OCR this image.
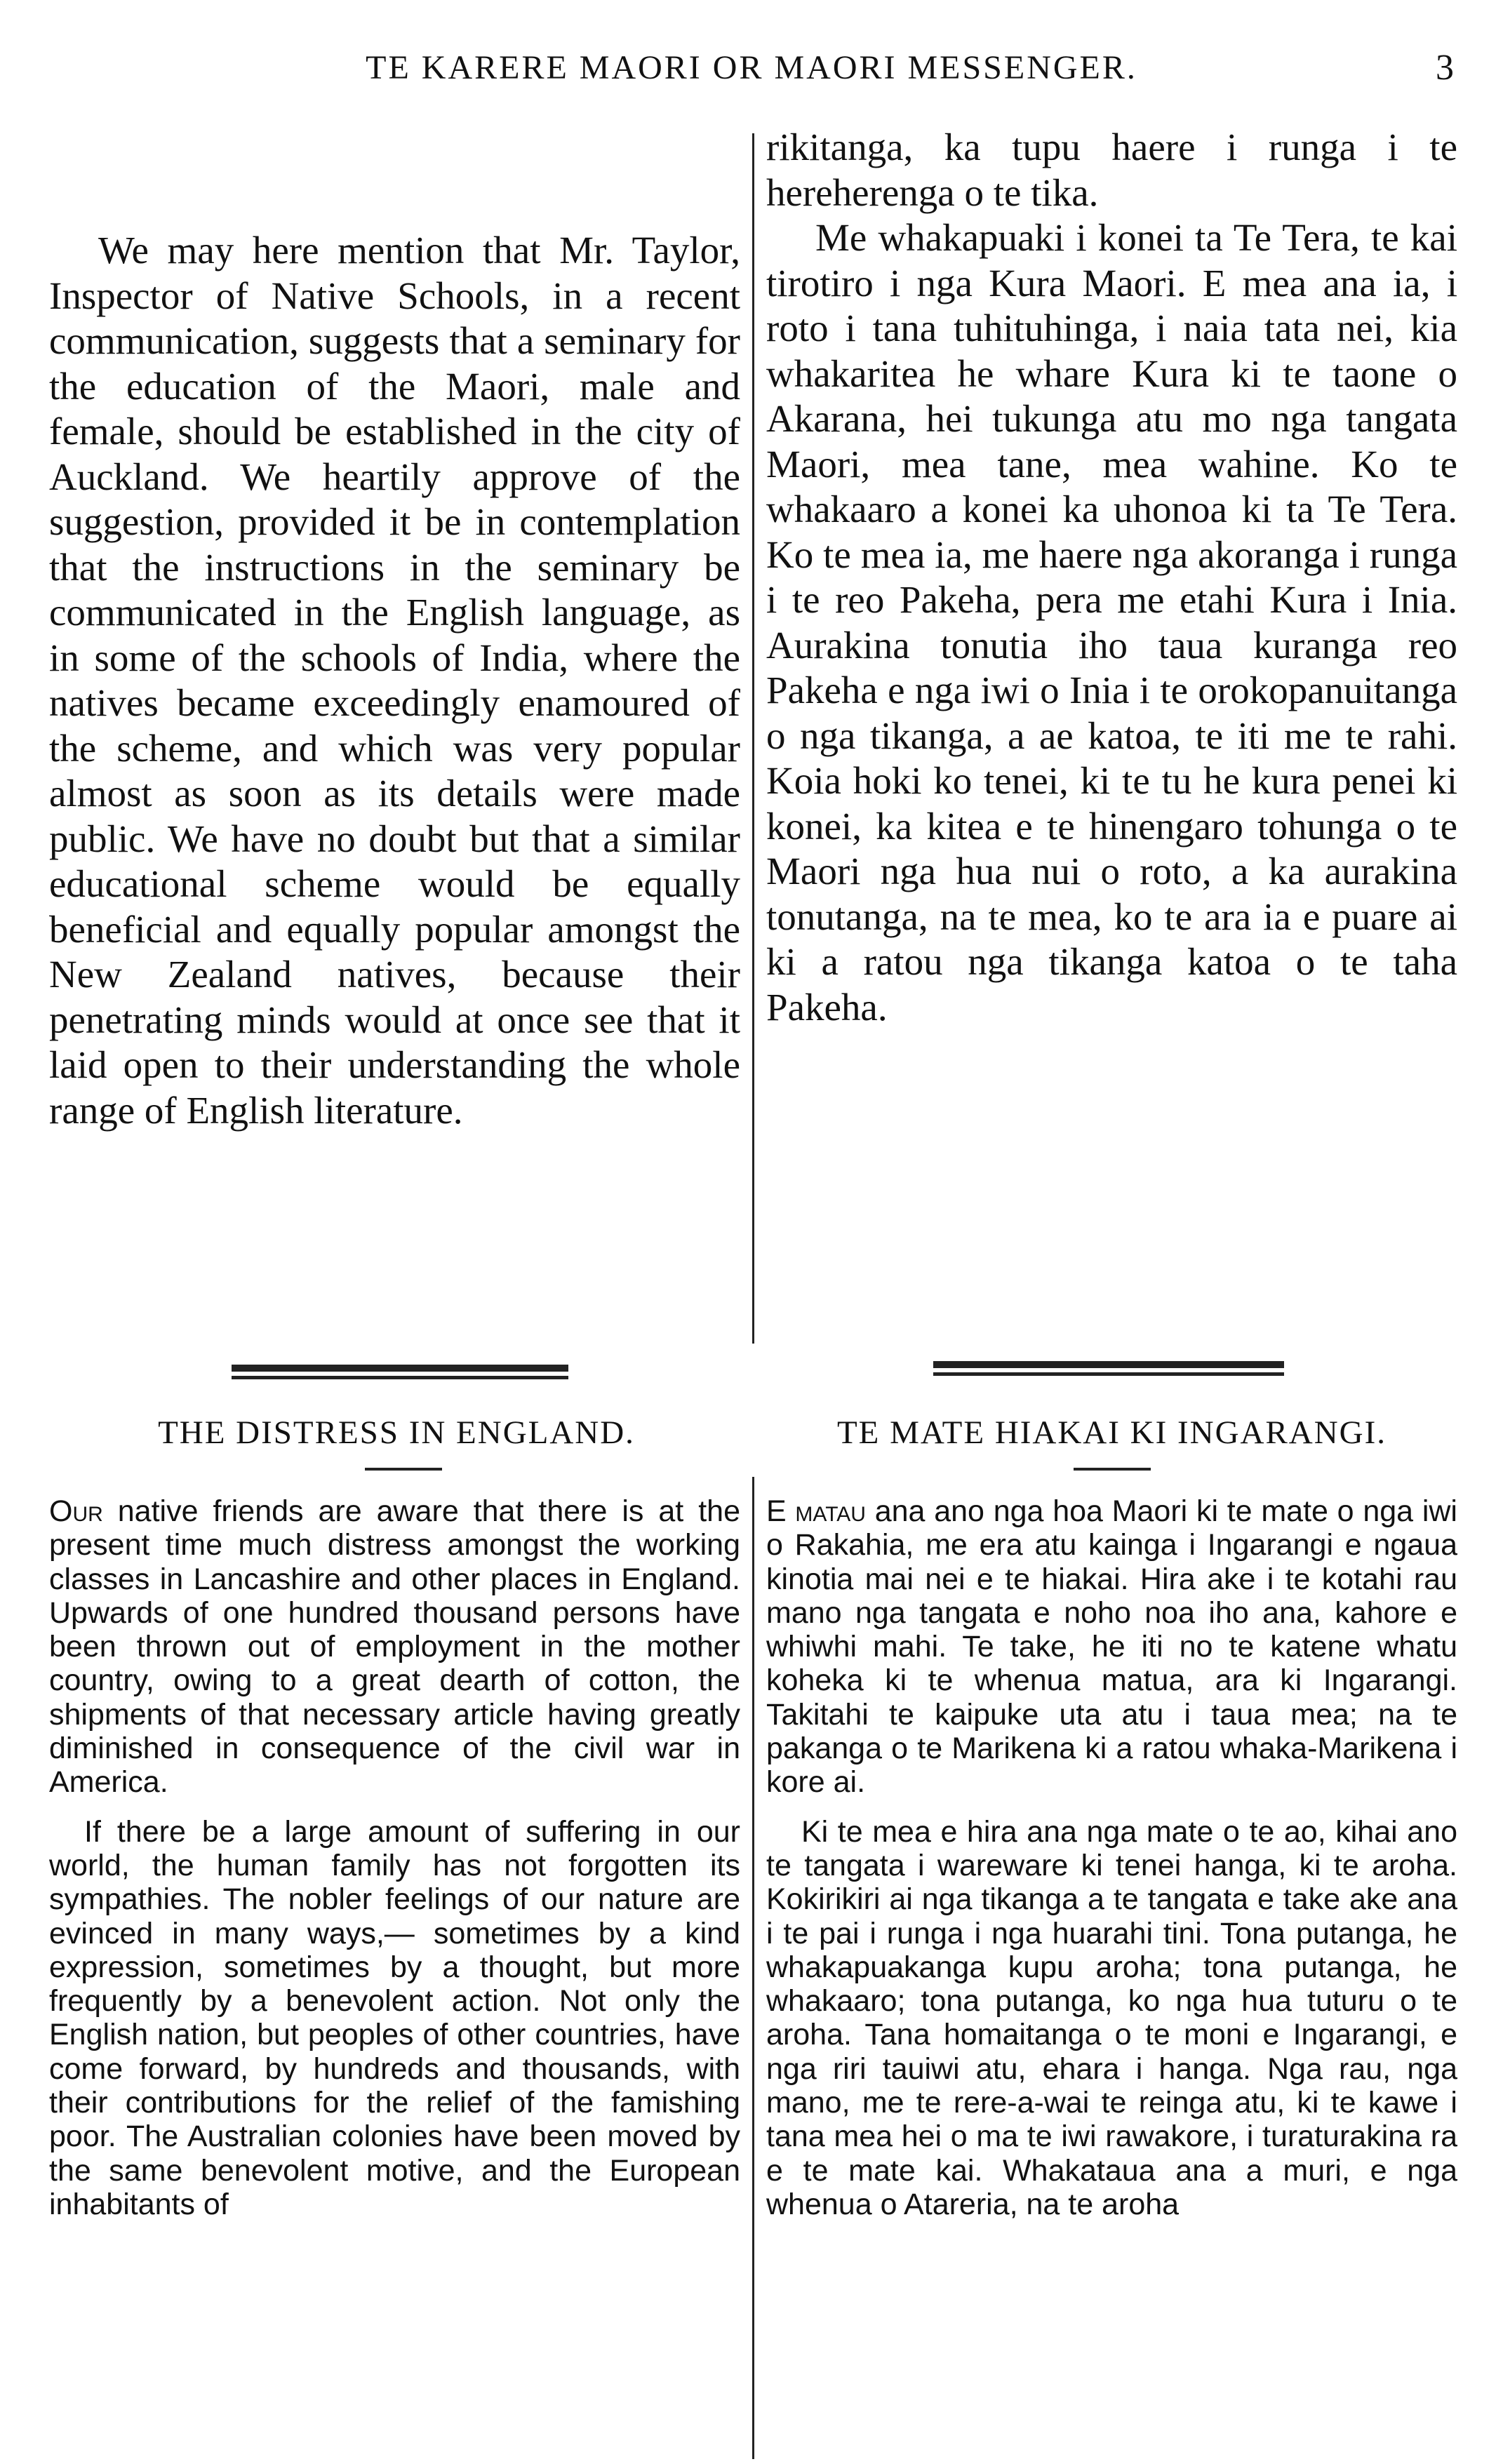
TE KARERE MAORI OR MAORI MESSENGER.	3

We may here mention that Mr. Taylor, Inspector of Native Schools, in a recent communication, suggests that a seminary for the education of the Maori, male and female, should be established in the city of Auckland. We heartily approve of the suggestion, provided it be in contemplation that the instructions in the seminary be communicated in the English language, as in some of the schools of India, where the natives became exceedingly enamoured of the scheme, and which was very popular almost as soon as its details were made public. We have no doubt but that a similar educational scheme would be equally beneficial and equally popular amongst the New Zealand natives, because their penetrating minds would at once see that it laid open to their understanding the whole range of English literature.

rikitanga, ka tupu haere i runga i te hereherenga o te tika.

Me whakapuaki i konei ta Te Tera, te kai tirotiro i nga Kura Maori. E mea ana ia, i roto i tana tuhituhinga, i naia tata nei, kia whakaritea he whare Kura ki te taone o Akarana, hei tukunga atu mo nga tangata Maori, mea tane, mea wahine. Ko te whakaaro a konei ka uhonoa ki ta Te Tera. Ko te mea ia, me haere nga akoranga i runga i te reo Pakeha, pera me etahi Kura i Inia. Aurakina tonutia iho taua kuranga reo Pakeha e nga iwi o Inia i te orokopanuitanga o nga tikanga, a ae katoa, te iti me te rahi. Koia hoki ko tenei, ki te tu he kura penei ki konei, ka kitea e te hinengaro tohunga o te Maori nga hua nui o roto, a ka aurakina tonutanga, na te mea, ko te ara ia e puare ai ki a ratou nga tikanga katoa o te taha Pakeha.

THE DISTRESS IN ENGLAND.	TE MATE HIAKAI KI INGARANGI.

Our native friends are aware that there is at the present time much distress amongst the working classes in Lancashire and other places in England. Upwards of one hundred thousand persons have been thrown out of employment in the mother country, owing to a great dearth of cotton, the shipments of that necessary article having greatly diminished in consequence of the civil war in America.

If there be a large amount of suffering in our world, the human family has not forgotten its sympathies. The nobler feelings of our nature are evinced in many ways,— sometimes by a kind expression, sometimes by a thought, but more frequently by a benevolent action. Not only the English nation, but peoples of other countries, have come forward, by hundreds and thousands, with their contributions for the relief of the famishing poor. The Australian colonies have been moved by the same benevolent motive, and the European inhabitants of

E matau ana ano nga hoa Maori ki te mate o nga iwi o Rakahia, me era atu kainga i Ingarangi e ngaua kinotia mai nei e te hiakai. Hira ake i te kotahi rau mano nga tangata e noho noa iho ana, kahore e whiwhi mahi. Te take, he iti no te katene whatu koheka ki te whenua matua, ara ki Ingarangi. Takitahi te kaipuke uta atu i taua mea; na te pakanga o te Marikena ki a ratou whaka-Marikena i kore ai.

Ki te mea e hira ana nga mate o te ao, kihai ano te tangata i wareware ki tenei hanga, ki te aroha. Kokirikiri ai nga tikanga a te tangata e take ake ana i te pai i runga i nga huarahi tini. Tona putanga, he whakapuakanga kupu aroha; tona putanga, he whakaaro; tona putanga, ko nga hua tuturu o te aroha. Tana homaitanga o te moni e Ingarangi, e nga riri tauiwi atu, ehara i hanga. Nga rau, nga mano, me te rere-a-wai te reinga atu, ki te kawe i tana mea hei o ma te iwi rawakore, i turaturakina ra e te mate kai. Whakataua ana a muri, e nga whenua o Atareria, na te aroha
